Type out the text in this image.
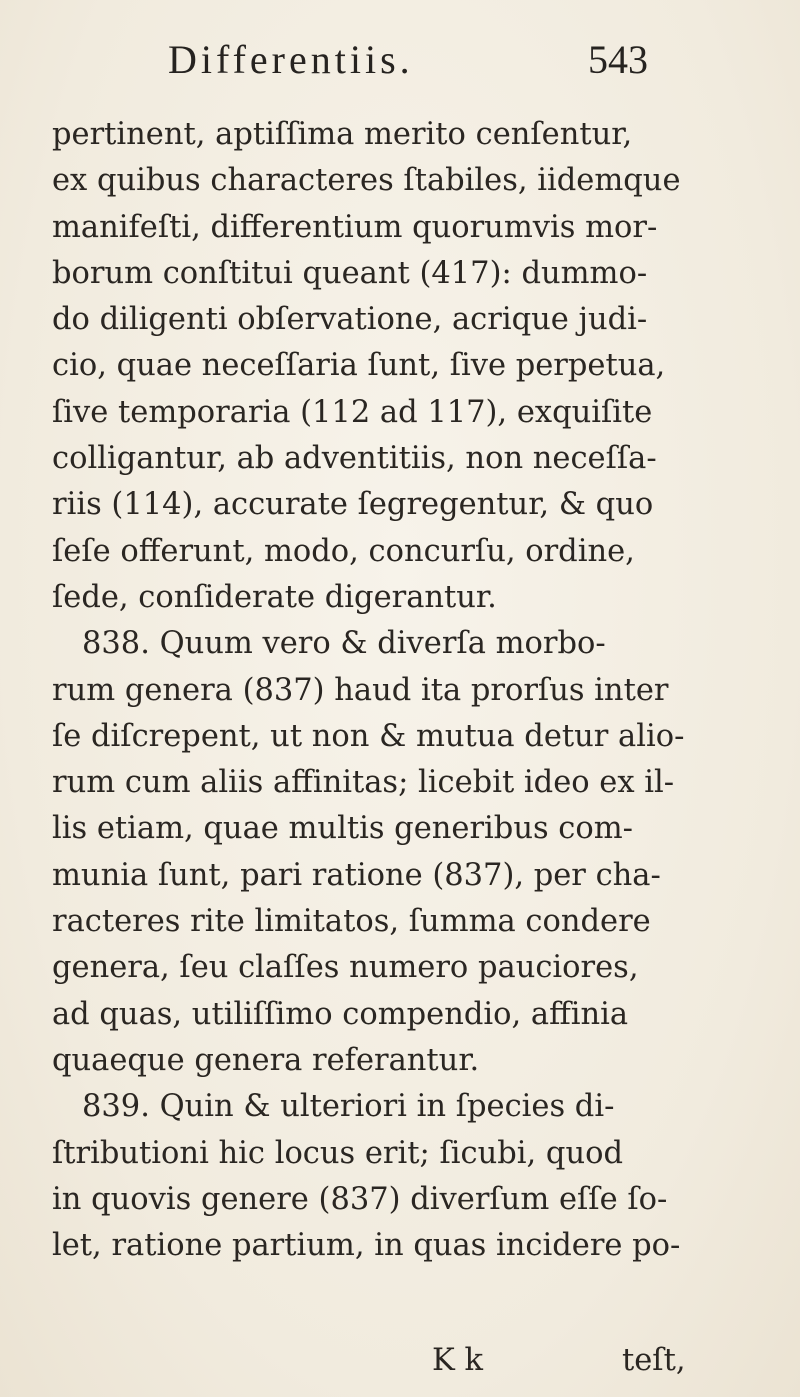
Differentiis.	543
pertinent, aptiſſima merito cenſentur,
ex quibus characteres ſtabiles, iidemque
manifeſti, differentium quorumvis mor-
borum conſtitui queant (417): dummo-
do diligenti obſervatione, acrique judi-
cio, quae neceſſaria ſunt, ſive perpetua,
ſive temporaria (112 ad 117), exquiſite
colligantur, ab adventitiis, non neceſſa-
riis (114), accurate ſegregentur, & quo
ſeſe offerunt, modo, concurſu, ordine,
ſede, conſiderate digerantur.
838. Quum vero & diverſa morbo-
rum genera (837) haud ita prorſus inter
ſe diſcrepent, ut non & mutua detur alio-
rum cum aliis affinitas; licebit ideo ex il-
lis etiam, quae multis generibus com-
munia ſunt, pari ratione (837), per cha-
racteres rite limitatos, ſumma condere
genera, ſeu claſſes numero pauciores,
ad quas, utiliſſimo compendio, affinia
quaeque genera referantur.
839. Quin & ulteriori in ſpecies di-
ſtributioni hic locus erit; ſicubi, quod
in quovis genere (837) diverſum eſſe ſo-
let, ratione partium, in quas incidere po-
K k	teſt,
